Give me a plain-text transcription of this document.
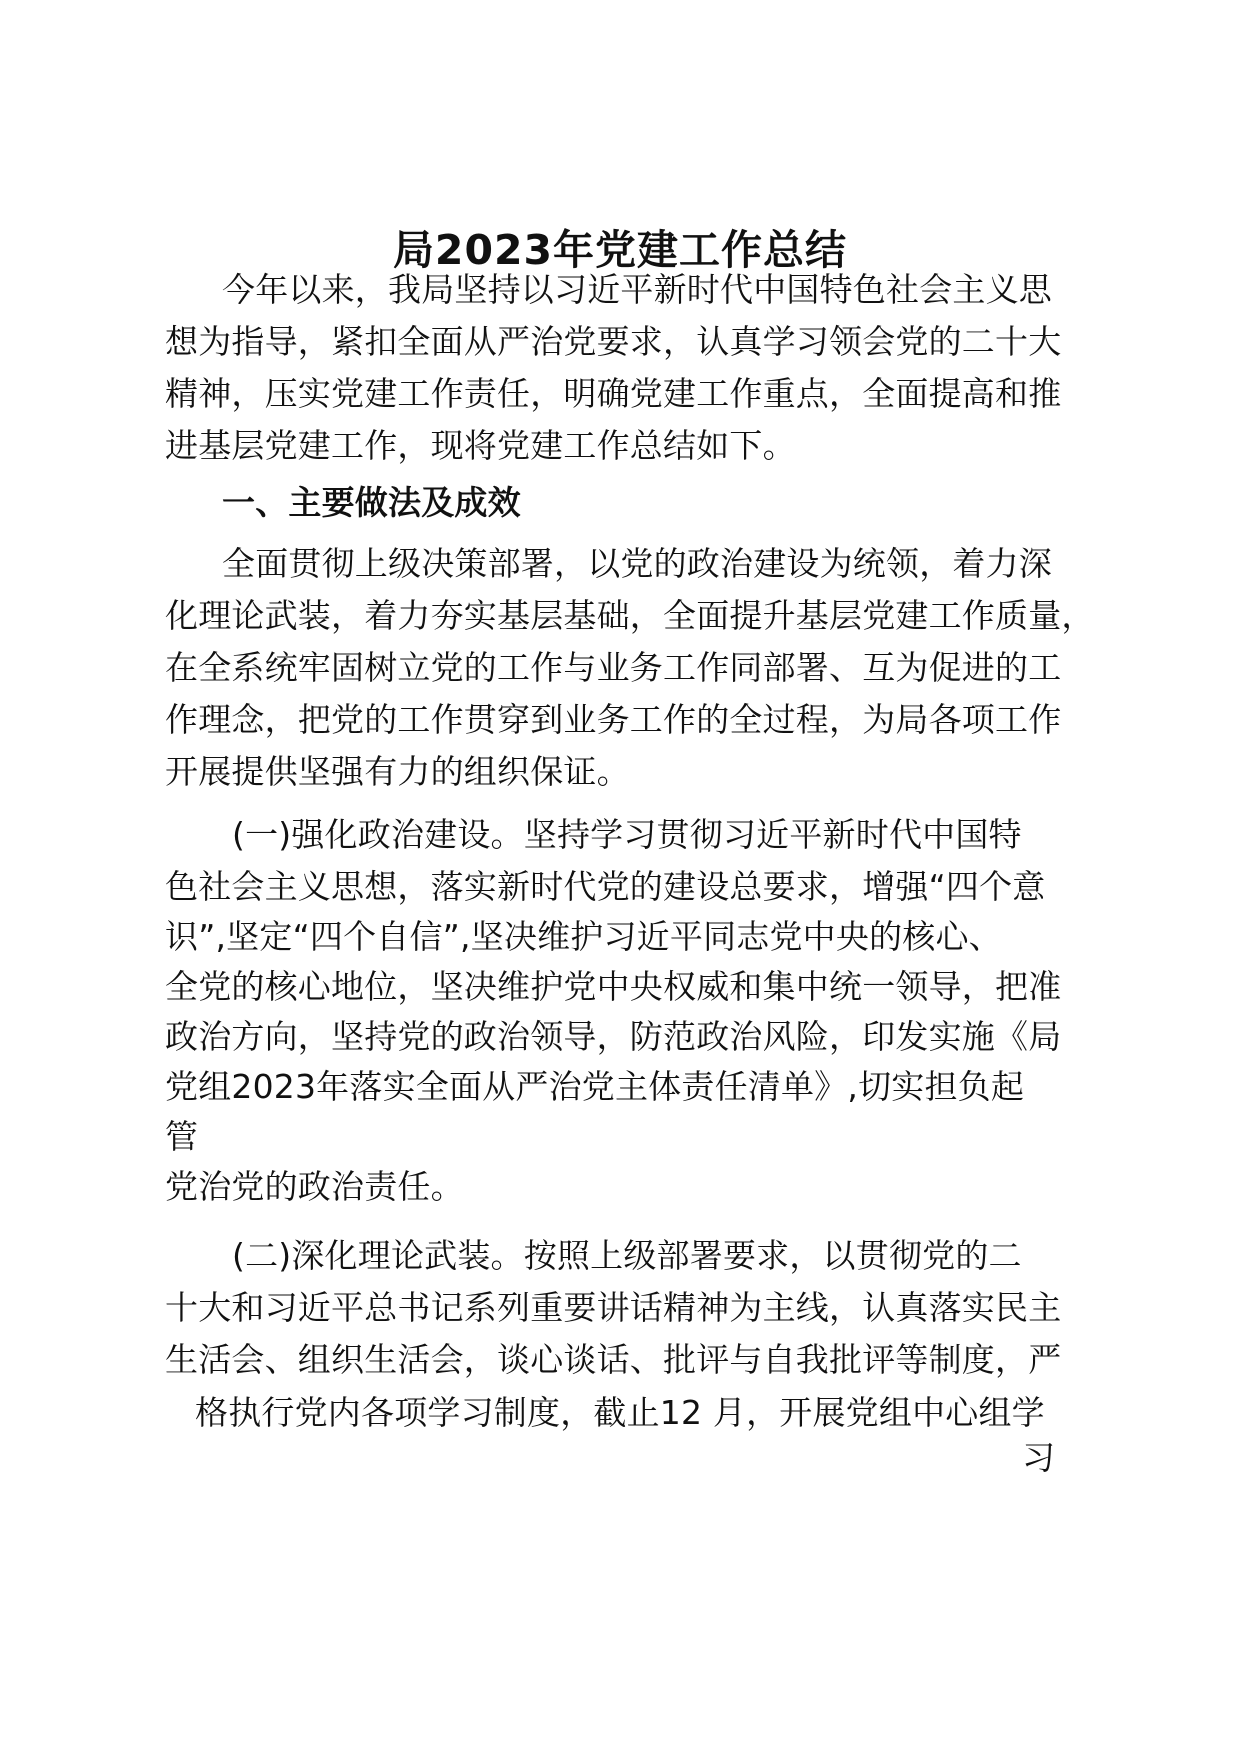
局2023年党建工作总结
今年以来，我局坚持以习近平新时代中国特色社会主义思
想为指导，紧扣全面从严治党要求，认真学习领会党的二十大
精神，压实党建工作责任，明确党建工作重点，全面提高和推
进基层党建工作，现将党建工作总结如下。
一、主要做法及成效
全面贯彻上级决策部署，以党的政治建设为统领，着力深
化理论武装，着力夯实基层基础，全面提升基层党建工作质量，
在全系统牢固树立党的工作与业务工作同部署、互为促进的工
作理念，把党的工作贯穿到业务工作的全过程，为局各项工作
开展提供坚强有力的组织保证。
(一)强化政治建设。坚持学习贯彻习近平新时代中国特
色社会主义思想，落实新时代党的建设总要求，增强“四个意
识”,坚定“四个自信”,坚决维护习近平同志党中央的核心、
全党的核心地位，坚决维护党中央权威和集中统一领导，把准
政治方向，坚持党的政治领导，防范政治风险，印发实施《局
党组2023年落实全面从严治党主体责任清单》,切实担负起
管
党治党的政治责任。
(二)深化理论武装。按照上级部署要求，以贯彻党的二
十大和习近平总书记系列重要讲话精神为主线，认真落实民主
生活会、组织生活会，谈心谈话、批评与自我批评等制度，严
格执行党内各项学习制度，截止12 月，开展党组中心组学
习
